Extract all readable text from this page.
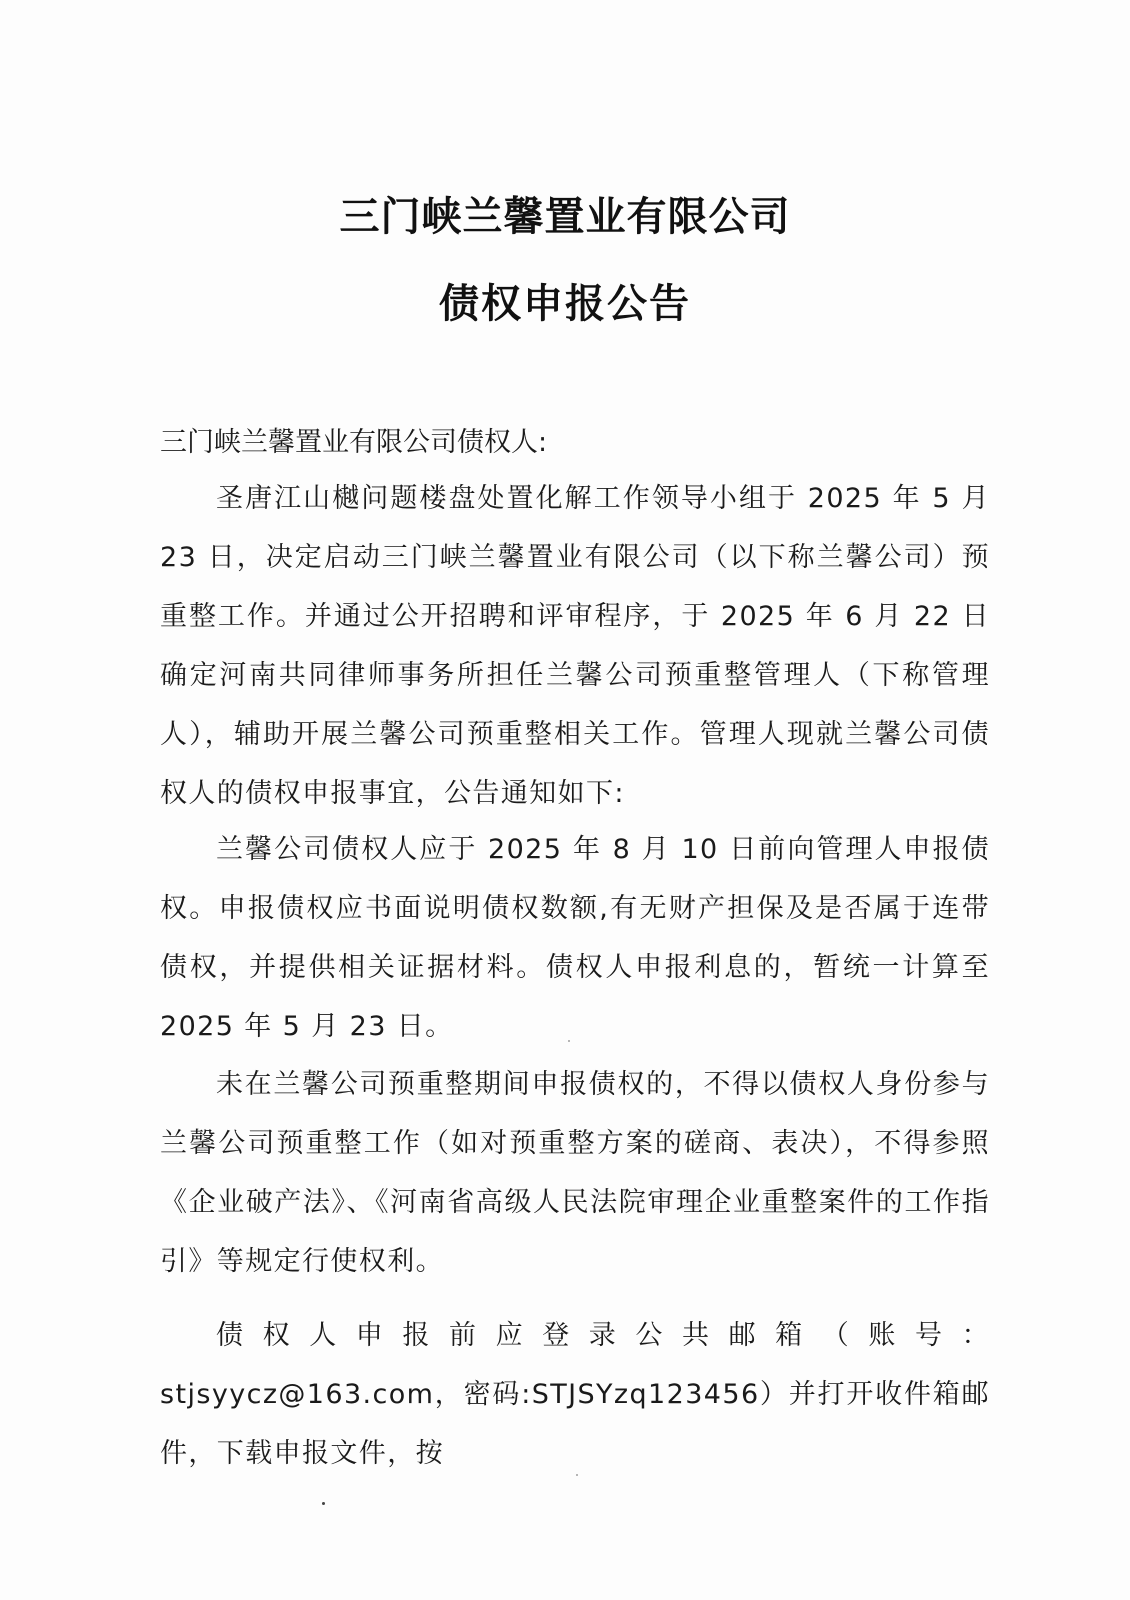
三门峡兰馨置业有限公司
债权申报公告

三门峡兰馨置业有限公司债权人:

圣唐江山樾问题楼盘处置化解工作领导小组于 2025 年 5 月 23 日，决定启动三门峡兰馨置业有限公司（以下称兰馨公司）预重整工作。并通过公开招聘和评审程序，于 2025 年 6 月 22 日确定河南共同律师事务所担任兰馨公司预重整管理人（下称管理人），辅助开展兰馨公司预重整相关工作。管理人现就兰馨公司债权人的债权申报事宜，公告通知如下:

兰馨公司债权人应于 2025 年 8 月 10 日前向管理人申报债权。申报债权应书面说明债权数额,有无财产担保及是否属于连带债权，并提供相关证据材料。债权人申报利息的，暂统一计算至 2025 年 5 月 23 日。

未在兰馨公司预重整期间申报债权的，不得以债权人身份参与兰馨公司预重整工作（如对预重整方案的磋商、表决），不得参照《企业破产法》、《河南省高级人民法院审理企业重整案件的工作指引》等规定行使权利。

债权人申报前应登录公共邮箱（账号：stjsyycz@163.com，密码:STJSYzq123456）并打开收件箱邮件，下载申报文件，按
